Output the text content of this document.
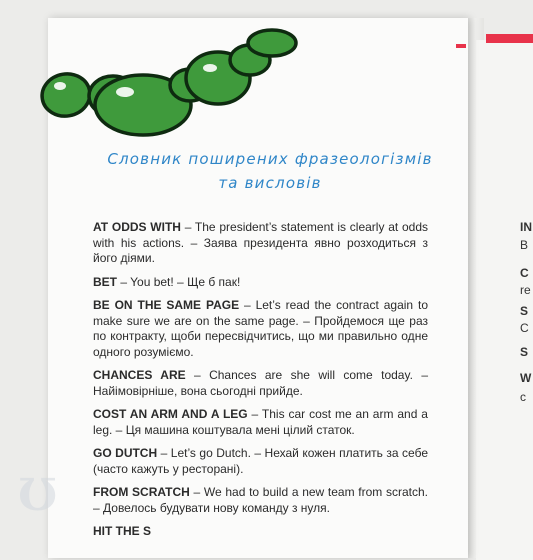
Словник поширених фразеологізмів
та висловів

AT ODDS WITH – The president’s statement is clearly at odds with his actions. – Заява президента явно розходиться з його діями.

BET – You bet! – Ще б пак!

BE ON THE SAME PAGE – Let’s read the contract again to make sure we are on the same page. – Пройдемося ще раз по контракту, щоби пересвідчитись, що ми правильно одне одного розуміємо.

CHANCES ARE – Chances are she will come today. – Найімовірніше, вона сьогодні прийде.

COST AN ARM AND A LEG – This car cost me an arm and a leg. – Ця машина коштувала мені цілий статок.

GO DUTCH – Let’s go Dutch. – Нехай кожен платить за себе (часто кажуть у ресторані).

FROM SCRATCH – We had to build a new team from scratch. – Довелось будувати нову команду з нуля.

HIT THE S

IN
B
C
re
S
C
S
W
c
Ʊ
